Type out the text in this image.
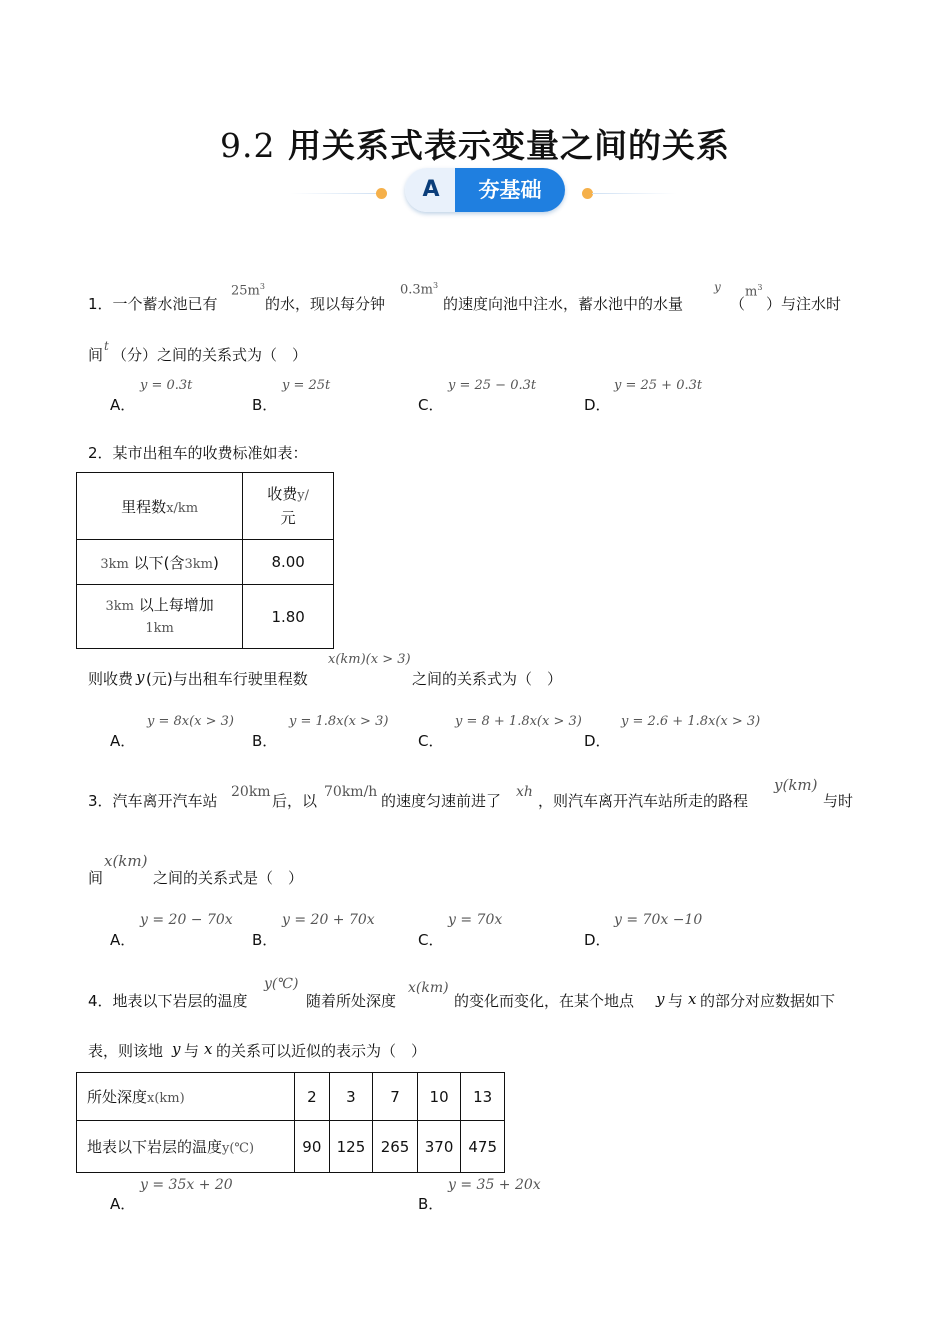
9.2 用关系式表示变量之间的关系
A	夯基础
1．一个蓄水池已有
$25m^3$
的水，现以每分钟
$0.3m^3$
的速度向池中注水，蓄水池中的水量
y
（
$m^3$
）与注水时
间 t （分）之间的关系式为（　）
A．
y = 0.3t
B．
y = 25t
C．
y = 25 − 0.3t
D．
y = 25 + 0.3t
2．某市出租车的收费标准如表：
里程数x/km	收费y/
元
3km 以下(含3km)	8.00
3km 以上每增加
1km	1.80
则收费 y (元)与出租车行驶里程数
x(km)(x > 3)
之间的关系式为（　）
A．
y = 8x(x > 3)
B．
y = 1.8x(x > 3)
C．
y = 8 + 1.8x(x > 3)
D．
y = 2.6 + 1.8x(x > 3)
3．汽车离开汽车站 20km 后，以 70km/h 的速度匀速前进了 xh ，则汽车离开汽车站所走的路程
y(km)
与时
间
x(km)
之间的关系式是（　）
A．
y = 20 − 70x
B．
y = 20 + 70x
C．
y = 70x
D．
y = 70x −10
4．地表以下岩层的温度
y(℃)
随着所处深度
x(km)
的变化而变化，在某个地点 y 与 x 的部分对应数据如下
表，则该地 y 与 x 的关系可以近似的表示为（　）
所处深度x(km)	2	3	7	10	13
地表以下岩层的温度y(℃)	90	125	265	370	475
A．
y = 35x + 20
B．
y = 35 + 20x
